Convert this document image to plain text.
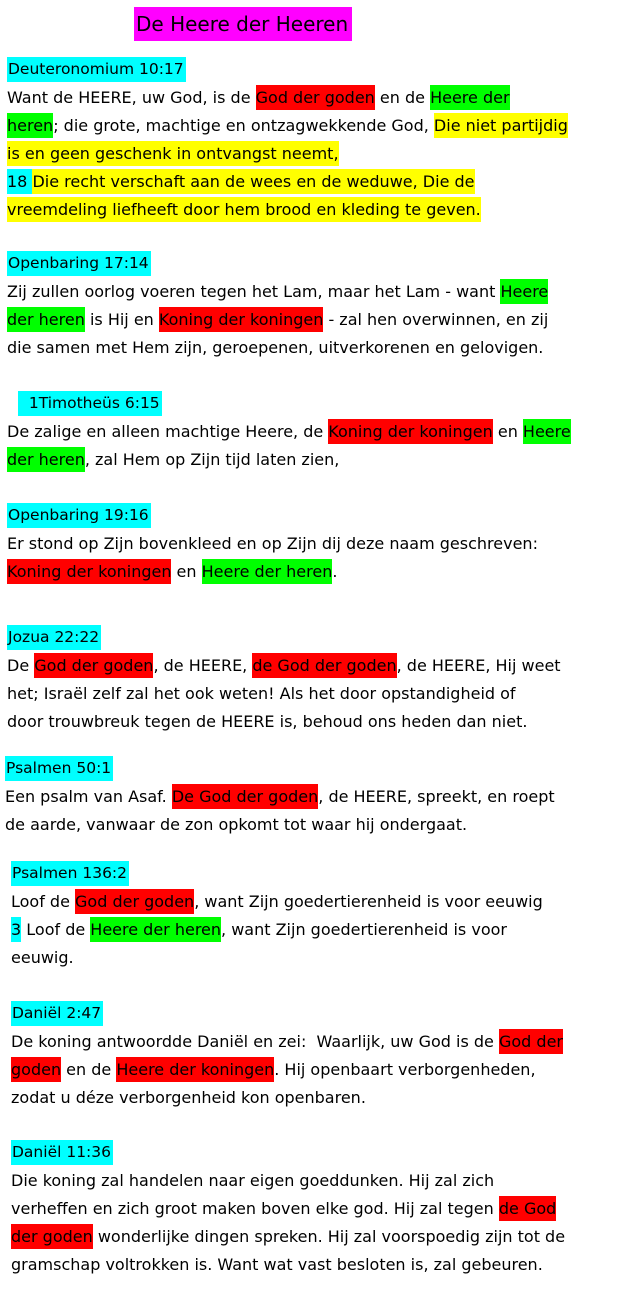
De Heere der Heeren
Deuteronomium 10:17
Want de HEERE, uw God, is de God der goden en de Heere der
heren; die grote, machtige en ontzagwekkende God, Die niet partijdig
is en geen geschenk in ontvangst neemt,
18 Die recht verschaft aan de wees en de weduwe, Die de
vreemdeling liefheeft door hem brood en kleding te geven.
Openbaring 17:14
Zij zullen oorlog voeren tegen het Lam, maar het Lam - want Heere
der heren is Hij en Koning der koningen - zal hen overwinnen, en zij
die samen met Hem zijn, geroepenen, uitverkorenen en gelovigen.
1Timotheüs 6:15
De zalige en alleen machtige Heere, de Koning der koningen en Heere
der heren, zal Hem op Zijn tijd laten zien,
Openbaring 19:16
Er stond op Zijn bovenkleed en op Zijn dij deze naam geschreven:
Koning der koningen en Heere der heren.
Jozua 22:22
De God der goden, de HEERE, de God der goden, de HEERE, Hij weet
het; Israël zelf zal het ook weten! Als het door opstandigheid of
door trouwbreuk tegen de HEERE is, behoud ons heden dan niet.
Psalmen 50:1
Een psalm van Asaf. De God der goden, de HEERE, spreekt, en roept
de aarde, vanwaar de zon opkomt tot waar hij ondergaat.
Psalmen 136:2
Loof de God der goden, want Zijn goedertierenheid is voor eeuwig
3 Loof de Heere der heren, want Zijn goedertierenheid is voor
eeuwig.
Daniël 2:47
De koning antwoordde Daniël en zei:  Waarlijk, uw God is de God der
goden en de Heere der koningen. Hij openbaart verborgenheden,
zodat u déze verborgenheid kon openbaren.
Daniël 11:36
Die koning zal handelen naar eigen goeddunken. Hij zal zich
verheffen en zich groot maken boven elke god. Hij zal tegen de God
der goden wonderlijke dingen spreken. Hij zal voorspoedig zijn tot de
gramschap voltrokken is. Want wat vast besloten is, zal gebeuren.
